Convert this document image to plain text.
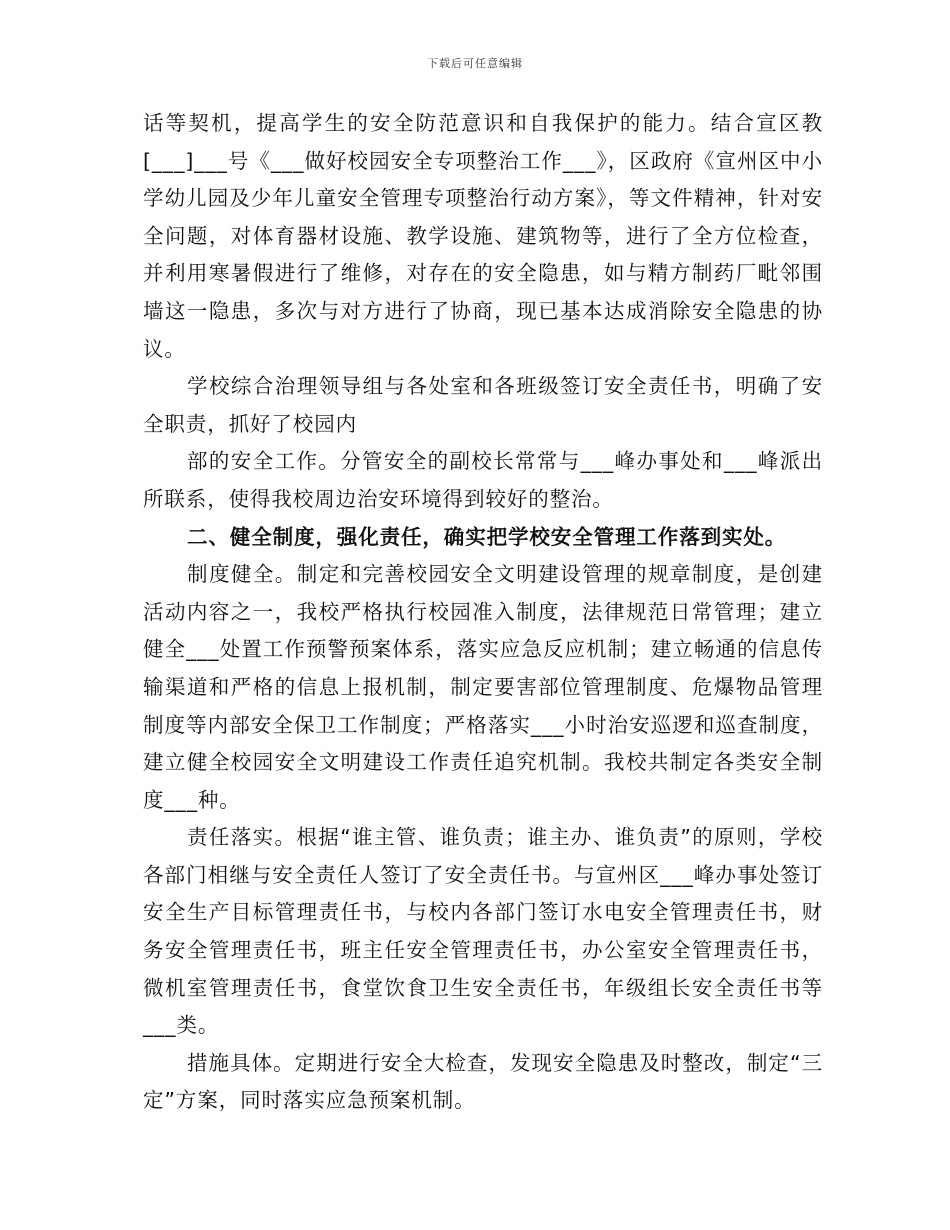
下载后可任意编辑

话等契机，提高学生的安全防范意识和自我保护的能力。结合宣区教[___]___号《___做好校园安全专项整治工作___》，区政府《宣州区中小学幼儿园及少年儿童安全管理专项整治行动方案》，等文件精神，针对安全问题，对体育器材设施、教学设施、建筑物等，进行了全方位检查，并利用寒暑假进行了维修，对存在的安全隐患，如与精方制药厂毗邻围墙这一隐患，多次与对方进行了协商，现已基本达成消除安全隐患的协议。

学校综合治理领导组与各处室和各班级签订安全责任书，明确了安全职责，抓好了校园内

部的安全工作。分管安全的副校长常常与___峰办事处和___峰派出所联系，使得我校周边治安环境得到较好的整治。

二、健全制度，强化责任，确实把学校安全管理工作落到实处。

制度健全。制定和完善校园安全文明建设管理的规章制度，是创建活动内容之一，我校严格执行校园准入制度，法律规范日常管理；建立健全___处置工作预警预案体系，落实应急反应机制；建立畅通的信息传输渠道和严格的信息上报机制，制定要害部位管理制度、危爆物品管理制度等内部安全保卫工作制度；严格落实___小时治安巡逻和巡查制度，建立健全校园安全文明建设工作责任追究机制。我校共制定各类安全制度___种。

责任落实。根据“谁主管、谁负责；谁主办、谁负责”的原则，学校各部门相继与安全责任人签订了安全责任书。与宣州区___峰办事处签订安全生产目标管理责任书，与校内各部门签订水电安全管理责任书，财务安全管理责任书，班主任安全管理责任书，办公室安全管理责任书，微机室管理责任书，食堂饮食卫生安全责任书，年级组长安全责任书等___类。

措施具体。定期进行安全大检查，发现安全隐患及时整改，制定“三定”方案，同时落实应急预案机制。
